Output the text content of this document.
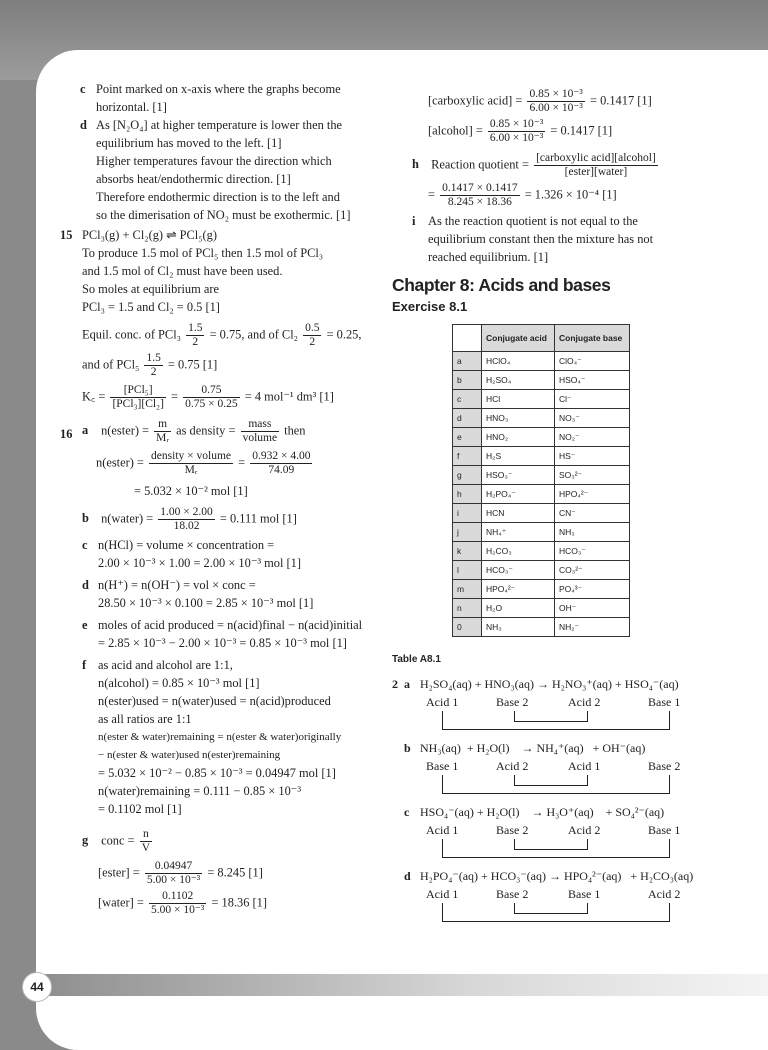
44
c Point marked on x-axis where the graphs become
horizontal. [1]
d As [N₂O₄] at higher temperature is lower then the
equilibrium has moved to the left. [1]
Higher temperatures favour the direction which
absorbs heat/endothermic direction. [1]
Therefore endothermic direction is to the left and
so the dimerisation of NO₂ must be exothermic. [1]
15 PCl₃(g) + Cl₂(g) ⇌ PCl₅(g)
To produce 1.5 mol of PCl₅ then 1.5 mol of PCl₃
and 1.5 mol of Cl₂ must have been used.
So moles at equilibrium are
PCl₃ = 1.5 and Cl₂ = 0.5 [1]
Equil. conc. of $PCl_3 \frac{1.5}{2} = 0.75$, and of $Cl_2 \frac{0.5}{2} = 0.25$,
and of $PCl_5 \frac{1.5}{2} = 0.75$ [1]
K꜀ = $\frac{\text{[PCl₅]}}{\text{[PCl₃][Cl₂]}} = \frac{0.75}{0.75 \times 0.25} = 4$ mol⁻¹ dm³ [1]
16 a n(ester) = $\frac{m}{\text{Mᵣ}}$ as density = $\frac{\text{mass}}{\text{volume}}$ then
n(ester) = $\frac{\text{density × volume}}{\text{Mᵣ}} = \frac{0.932 \times 4.00}{74.09}$
= 5.032 × 10⁻² mol [1]
b n(water) = $\frac{1.00 \times 2.00}{18.02} = 0.111$ mol [1]
c n(HCl) = volume × concentration =
2.00 × 10⁻³ × 1.00 = 2.00 × 10⁻³ mol [1]
d n(H⁺) = n(OH⁻) = vol × conc =
28.50 × 10⁻³ × 0.100 = 2.85 × 10⁻³ mol [1]
e moles of acid produced = n(acid)final − n(acid)initial
= 2.85 × 10⁻³ − 2.00 × 10⁻³ = 0.85 × 10⁻³ mol [1]
f as acid and alcohol are 1:1,
n(alcohol) = 0.85 × 10⁻³ mol [1]
n(ester)used = n(water)used = n(acid)produced
as all ratios are 1:1
n(ester & water)remaining = n(ester & water)originally
− n(ester & water)used n(ester)remaining
= 5.032 × 10⁻² − 0.85 × 10⁻³ = 0.04947 mol [1]
n(water)remaining = 0.111 − 0.85 × 10⁻³
= 0.1102 mol [1]
g conc = $\frac{n}{V}$
[ester] = $\frac{0.04947}{\text{5.00 × 10⁻³}} = 8.245$ [1]
[water] = $\frac{0.1102}{\text{5.00 × 10⁻³}} = 18.36$ [1]
[carboxylic acid] = $\frac{\text{0.85 × 10⁻³}}{\text{6.00 × 10⁻³}} = 0.1417$ [1]
[alcohol] = $\frac{\text{0.85 × 10⁻³}}{\text{6.00 × 10⁻³}} = 0.1417$ [1]
h Reaction quotient = $\frac{\text{[carboxylic acid][alcohol]}}{\text{[ester][water]}}$
= $\frac{0.1417 \times 0.1417}{8.245 \times 18.36} = 1.326 \times 10^{-4}$ [1]
i As the reaction quotient is not equal to the
equilibrium constant then the mixture has not
reached equilibrium. [1]
Chapter 8: Acids and bases
Exercise 8.1
	Conjugate acid	Conjugate base
a	HClO₄	ClO₄⁻
b	H₂SO₄	HSO₄⁻
c	HCl	Cl⁻
d	HNO₃	NO₃⁻
e	HNO₂	NO₂⁻
f	H₂S	HS⁻
g	HSO₃⁻	SO₃²⁻
h	H₂PO₄⁻	HPO₄²⁻
i	HCN	CN⁻
j	NH₄⁺	NH₃
k	H₂CO₃	HCO₃⁻
l	HCO₃⁻	CO₃²⁻
m	HPO₄²⁻	PO₄³⁻
n	H₂O	OH⁻
0	NH₃	NH₂⁻
Table A8.1
2 a H₂SO₄(aq) + HNO₃(aq) → H₂NO₃⁺(aq) + HSO₄⁻(aq)
Acid 1	Base 2	Acid 2	Base 1
b NH₃(aq)  + H₂O(l)    → NH₄⁺(aq)   + OH⁻(aq)
Base 1	Acid 2	Acid 1	Base 2
c HSO₄⁻(aq) + H₂O(l)    → H₃O⁺(aq)    + SO₄²⁻(aq)
Acid 1	Base 2	Acid 2	Base 1
d H₂PO₄⁻(aq) + HCO₃⁻(aq) → HPO₄²⁻(aq)   + H₂CO₃(aq)
Acid 1	Base 2	Base 1	Acid 2
